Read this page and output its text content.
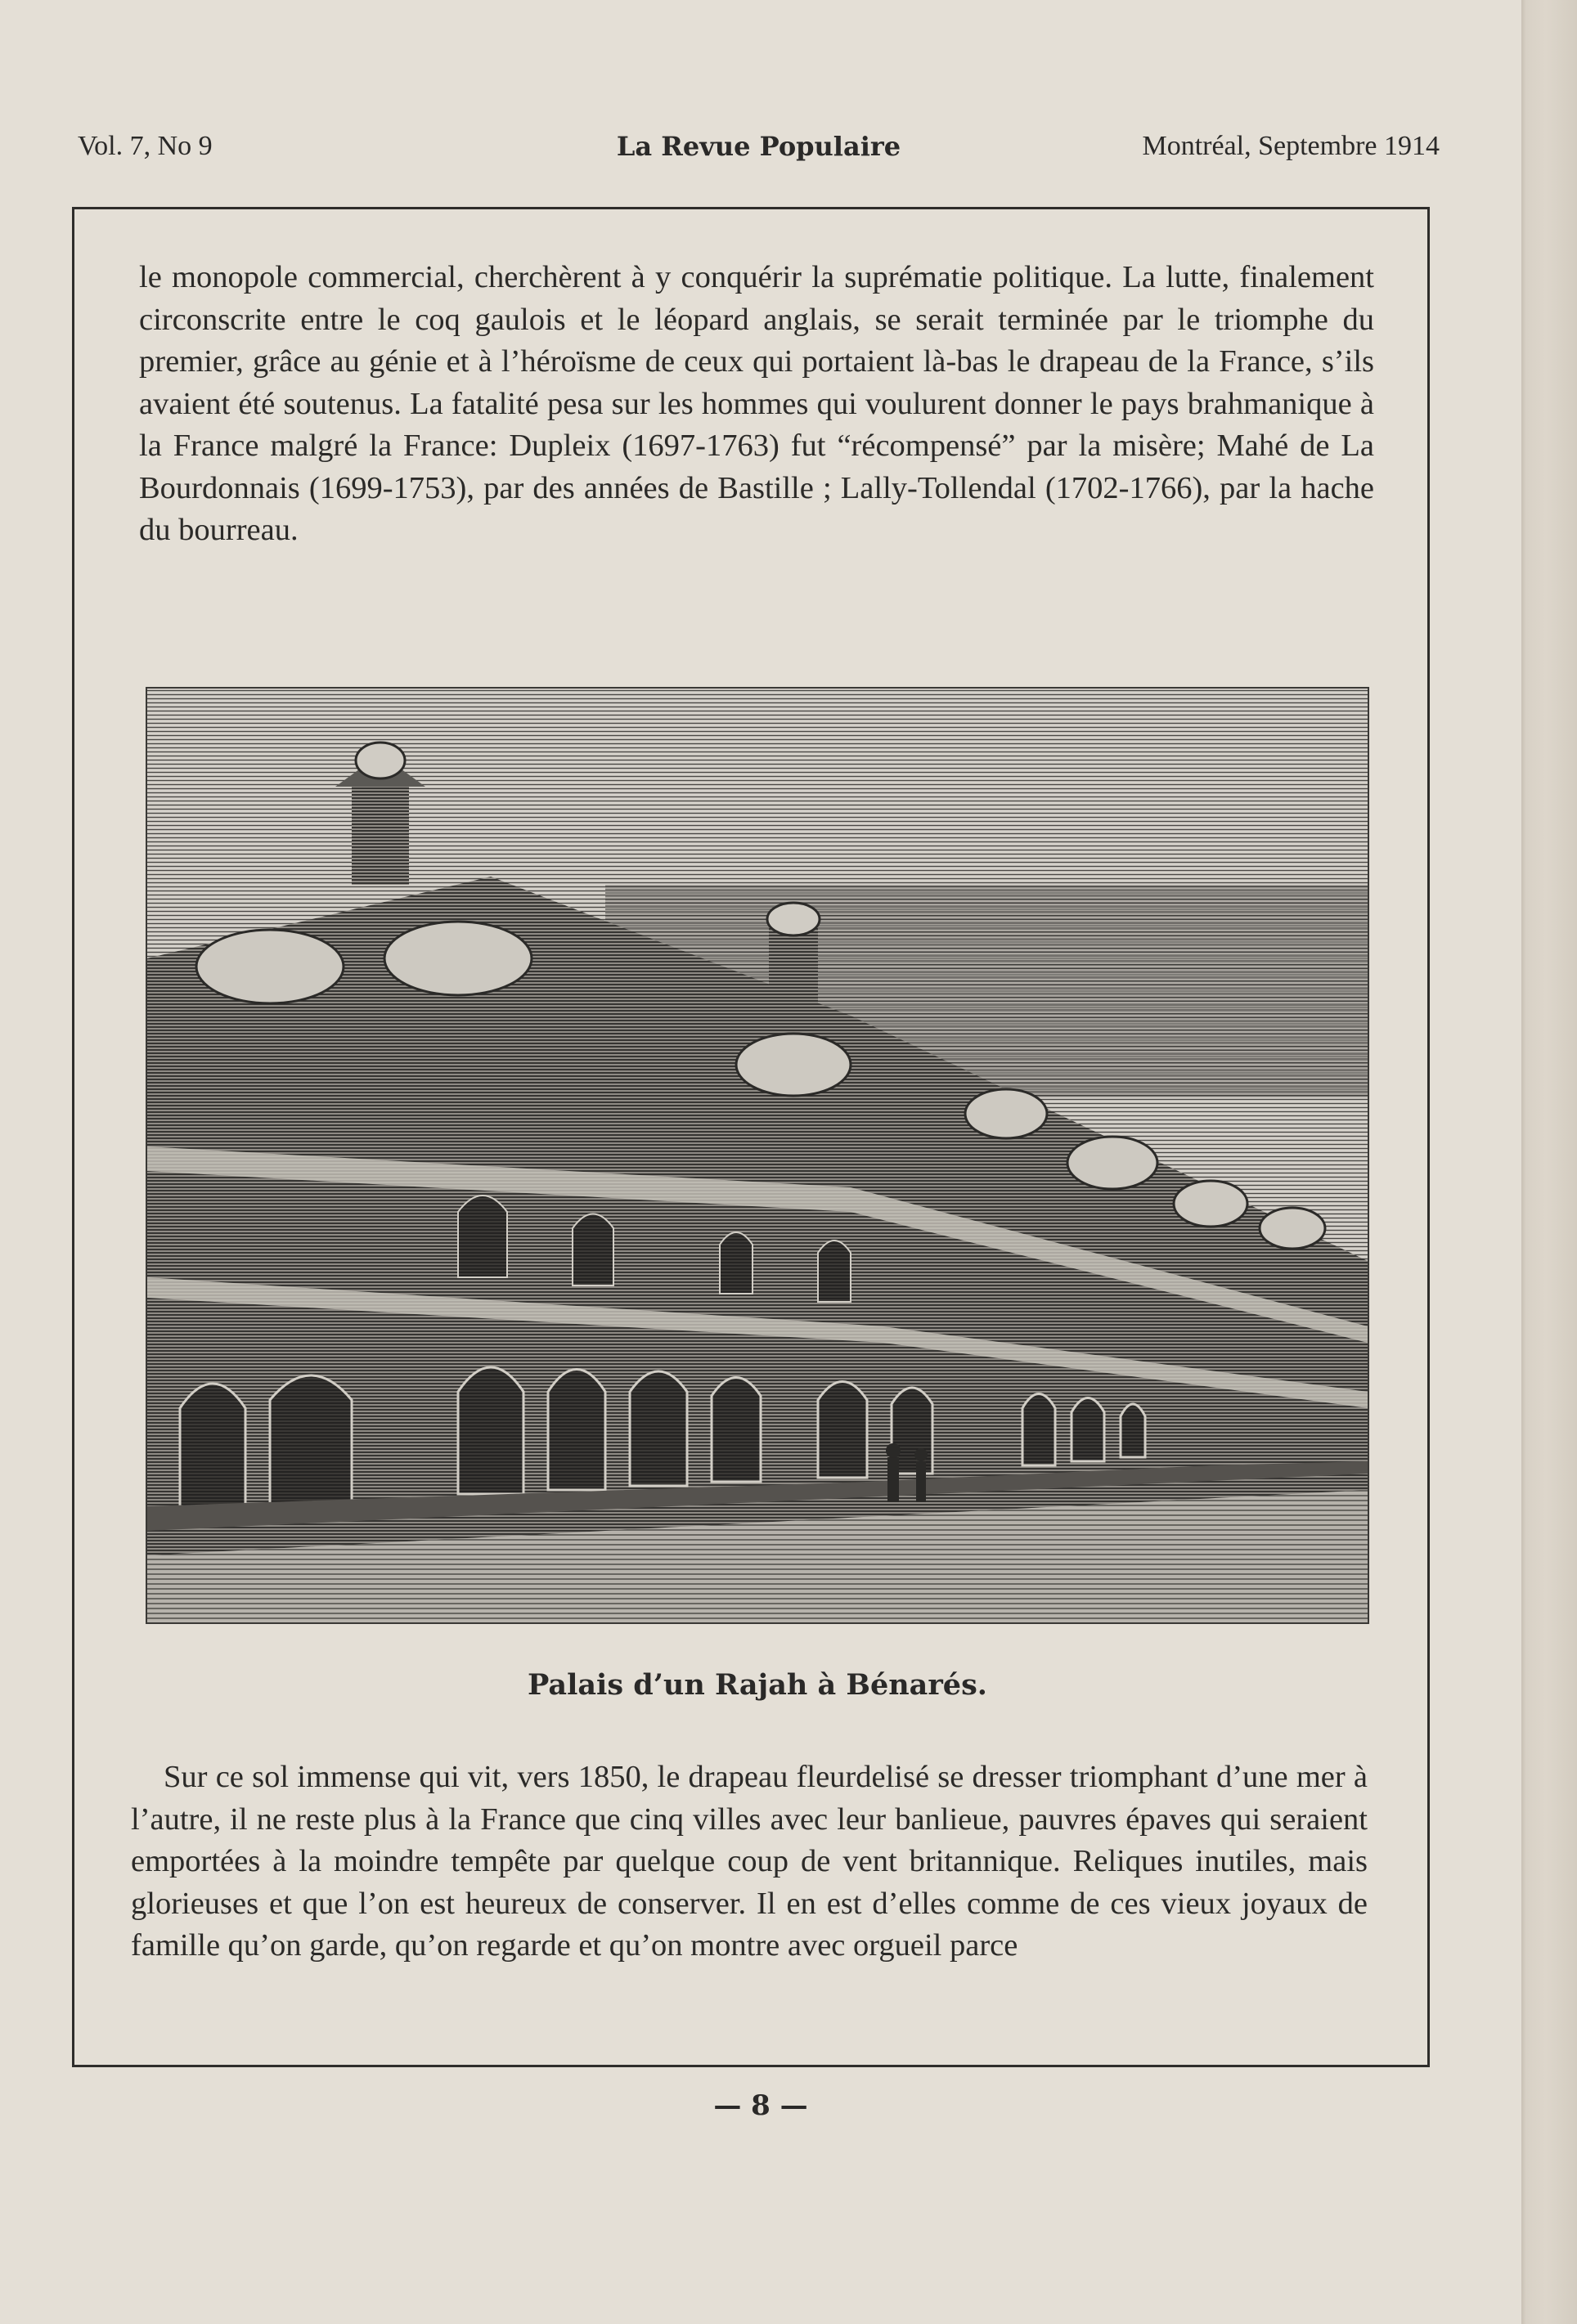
Vol. 7, No 9	La Revue Populaire	Montréal, Septembre 1914

le monopole commercial, cherchèrent à y conquérir la suprématie politique. La lutte, finalement circonscrite entre le coq gaulois et le léopard anglais, se serait terminée par le triomphe du premier, grâce au génie et à l’héroïsme de ceux qui portaient là-bas le drapeau de la France, s’ils avaient été soutenus. La fatalité pesa sur les hommes qui voulurent donner le pays brahmanique à la France malgré la France: Dupleix (1697-1763) fut “récompensé” par la misère; Mahé de La Bourdonnais (1699-1753), par des années de Bastille ; Lally-Tollendal (1702-1766), par la hache du bourreau.

Palais d’un Rajah à Bénarés.

Sur ce sol immense qui vit, vers 1850, le drapeau fleurdelisé se dresser triomphant d’une mer à l’autre, il ne reste plus à la France que cinq villes avec leur banlieue, pauvres épaves qui seraient emportées à la moindre tempête par quelque coup de vent britannique. Reliques inutiles, mais glorieuses et que l’on est heureux de conserver. Il en est d’elles comme de ces vieux joyaux de famille qu’on garde, qu’on regarde et qu’on montre avec orgueil parce

— 8 —
